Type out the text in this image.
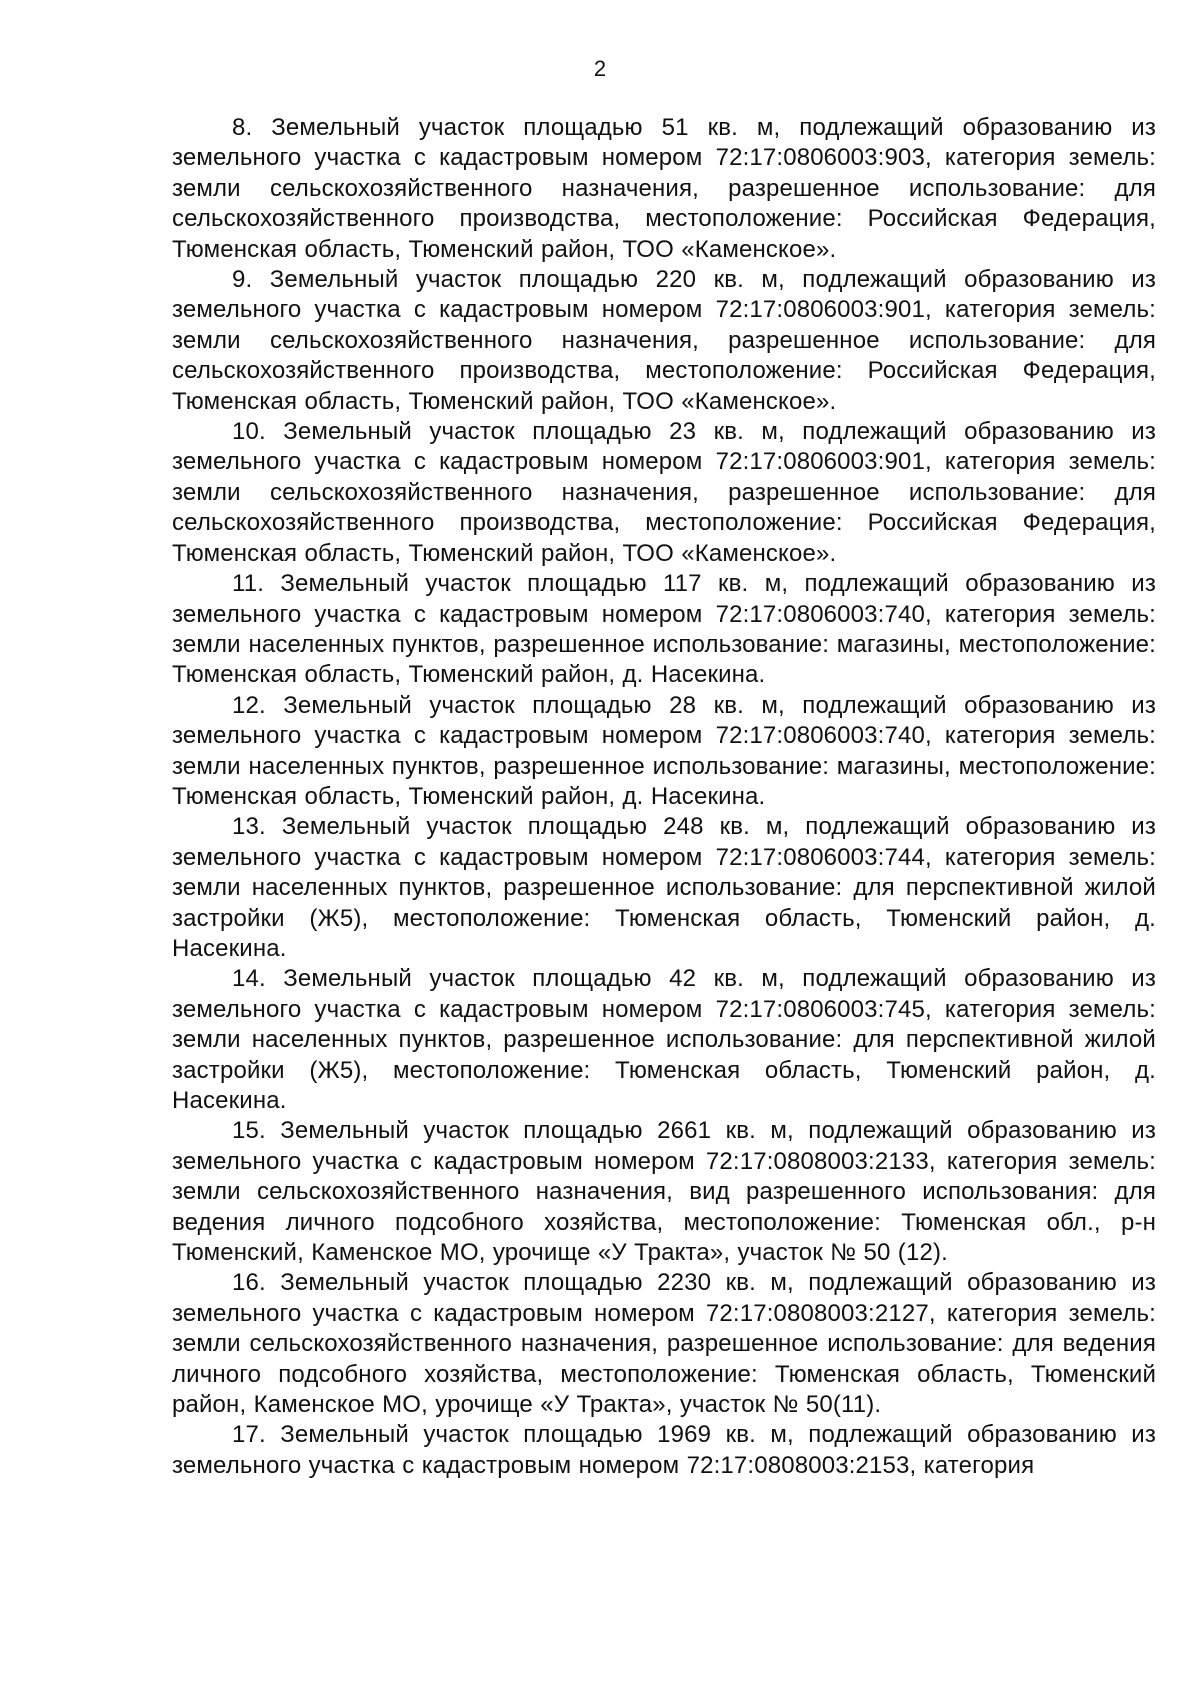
2

8. Земельный участок площадью 51 кв. м, подлежащий образованию из земельного участка с кадастровым номером 72:17:0806003:903, категория земель: земли сельскохозяйственного назначения, разрешенное использование: для сельскохозяйственного производства, местоположение: Российская Федерация, Тюменская область, Тюменский район, ТОО «Каменское».

9. Земельный участок площадью 220 кв. м, подлежащий образованию из земельного участка с кадастровым номером 72:17:0806003:901, категория земель: земли сельскохозяйственного назначения, разрешенное использование: для сельскохозяйственного производства, местоположение: Российская Федерация, Тюменская область, Тюменский район, ТОО «Каменское».

10. Земельный участок площадью 23 кв. м, подлежащий образованию из земельного участка с кадастровым номером 72:17:0806003:901, категория земель: земли сельскохозяйственного назначения, разрешенное использование: для сельскохозяйственного производства, местоположение: Российская Федерация, Тюменская область, Тюменский район, ТОО «Каменское».

11. Земельный участок площадью 117 кв. м, подлежащий образованию из земельного участка с кадастровым номером 72:17:0806003:740, категория земель: земли населенных пунктов, разрешенное использование: магазины, местоположение: Тюменская область, Тюменский район, д. Насекина.

12. Земельный участок площадью 28 кв. м, подлежащий образованию из земельного участка с кадастровым номером 72:17:0806003:740, категория земель: земли населенных пунктов, разрешенное использование: магазины, местоположение: Тюменская область, Тюменский район, д. Насекина.

13. Земельный участок площадью 248 кв. м, подлежащий образованию из земельного участка с кадастровым номером 72:17:0806003:744, категория земель: земли населенных пунктов, разрешенное использование: для перспективной жилой застройки (Ж5), местоположение: Тюменская область, Тюменский район, д. Насекина.

14. Земельный участок площадью 42 кв. м, подлежащий образованию из земельного участка с кадастровым номером 72:17:0806003:745, категория земель: земли населенных пунктов, разрешенное использование: для перспективной жилой застройки (Ж5), местоположение: Тюменская область, Тюменский район, д. Насекина.

15. Земельный участок площадью 2661 кв. м, подлежащий образованию из земельного участка с кадастровым номером 72:17:0808003:2133, категория земель: земли сельскохозяйственного назначения, вид разрешенного использования: для ведения личного подсобного хозяйства, местоположение: Тюменская обл., р-н Тюменский, Каменское МО, урочище «У Тракта», участок № 50 (12).

16. Земельный участок площадью 2230 кв. м, подлежащий образованию из земельного участка с кадастровым номером 72:17:0808003:2127, категория земель: земли сельскохозяйственного назначения, разрешенное использование: для ведения личного подсобного хозяйства, местоположение: Тюменская область, Тюменский район, Каменское МО, урочище «У Тракта», участок № 50(11).

17. Земельный участок площадью 1969 кв. м, подлежащий образованию из земельного участка с кадастровым номером 72:17:0808003:2153, категория
